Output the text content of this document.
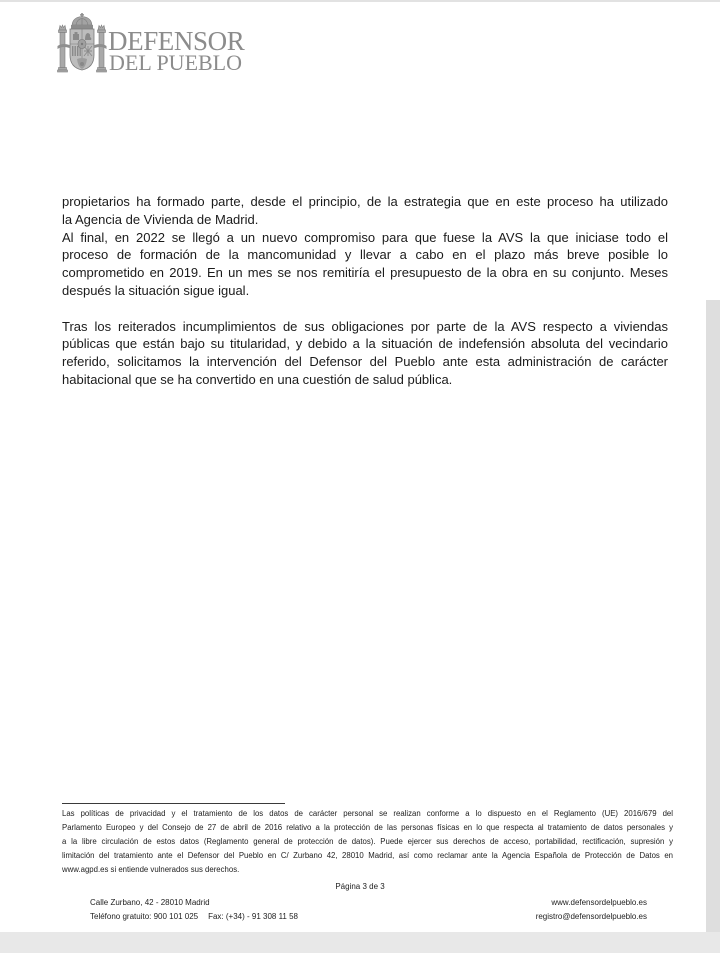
DEFENSOR
DEL PUEBLO
propietarios ha formado parte, desde el principio, de la estrategia que en este proceso ha utilizado
la Agencia de Vivienda de Madrid.
Al final, en 2022 se llegó a un nuevo compromiso para que fuese la AVS la que iniciase todo el
proceso de formación de la mancomunidad y llevar a cabo en el plazo más breve posible lo
comprometido en 2019. En un mes se nos remitiría el presupuesto de la obra en su conjunto. Meses
después la situación sigue igual.
Tras los reiterados incumplimientos de sus obligaciones por parte de la AVS respecto a viviendas
públicas que están bajo su titularidad, y debido a la situación de indefensión absoluta del vecindario
referido, solicitamos la intervención del Defensor del Pueblo ante esta administración de carácter
habitacional que se ha convertido en una cuestión de salud pública.
Las políticas de privacidad y el tratamiento de los datos de carácter personal se realizan conforme a lo dispuesto en el Reglamento (UE) 2016/679 del
Parlamento Europeo y del Consejo de 27 de abril de 2016 relativo a la protección de las personas físicas en lo que respecta al tratamiento de datos personales y
a la libre circulación de estos datos (Reglamento general de protección de datos). Puede ejercer sus derechos de acceso, portabilidad, rectificación, supresión y
limitación del tratamiento ante el Defensor del Pueblo en C/ Zurbano 42, 28010 Madrid, así como reclamar ante la Agencia Española de Protección de Datos en
www.agpd.es si entiende vulnerados sus derechos.
Página 3 de 3
Calle Zurbano, 42 - 28010 Madrid
Teléfono gratuito: 900 101 025 Fax: (+34) - 91 308 11 58
www.defensordelpueblo.es
registro@defensordelpueblo.es
